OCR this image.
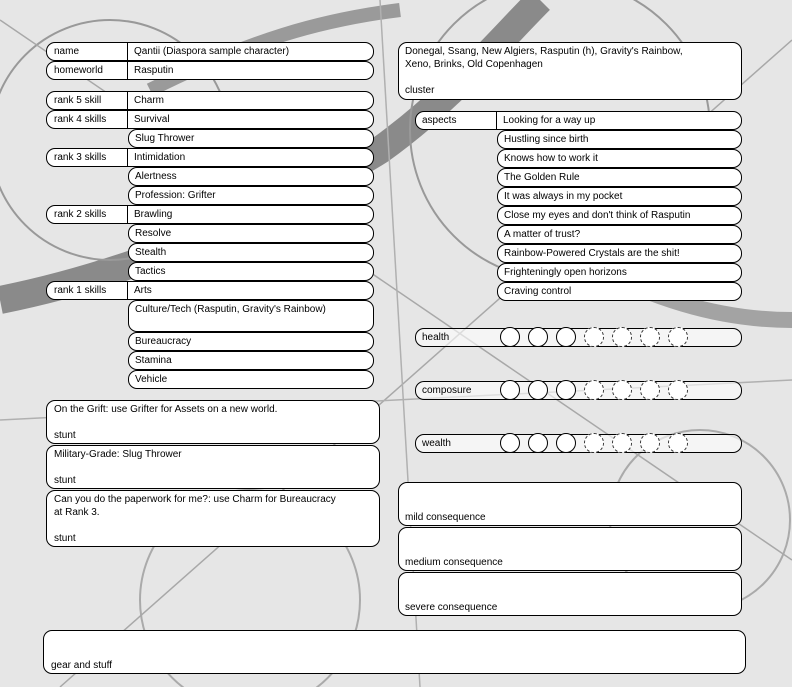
name	Qantii (Diaspora sample character)
homeworld	Rasputin
rank 5 skill	Charm
rank 4 skills	Survival
Slug Thrower
rank 3 skills	Intimidation
Alertness
Profession: Grifter
rank 2 skills	Brawling
Resolve
Stealth
Tactics
rank 1 skills	Arts
Culture/Tech (Rasputin, Gravity's Rainbow)
Bureaucracy
Stamina
Vehicle
On the Grift: use Grifter for Assets on a new world.
stunt
Military-Grade: Slug Thrower
stunt
Can you do the paperwork for me?: use Charm for Bureaucracy at Rank 3.
stunt
Donegal, Ssang, New Algiers, Rasputin (h), Gravity's Rainbow, Xeno, Brinks, Old Copenhagen
cluster
aspects	Looking for a way up
Hustling since birth
Knows how to work it
The Golden Rule
It was always in my pocket
Close my eyes and don't think of Rasputin
A matter of trust?
Rainbow-Powered Crystals are the shit!
Frighteningly open horizons
Craving control
health
composure
wealth
mild consequence
medium consequence
severe consequence
gear and stuff
